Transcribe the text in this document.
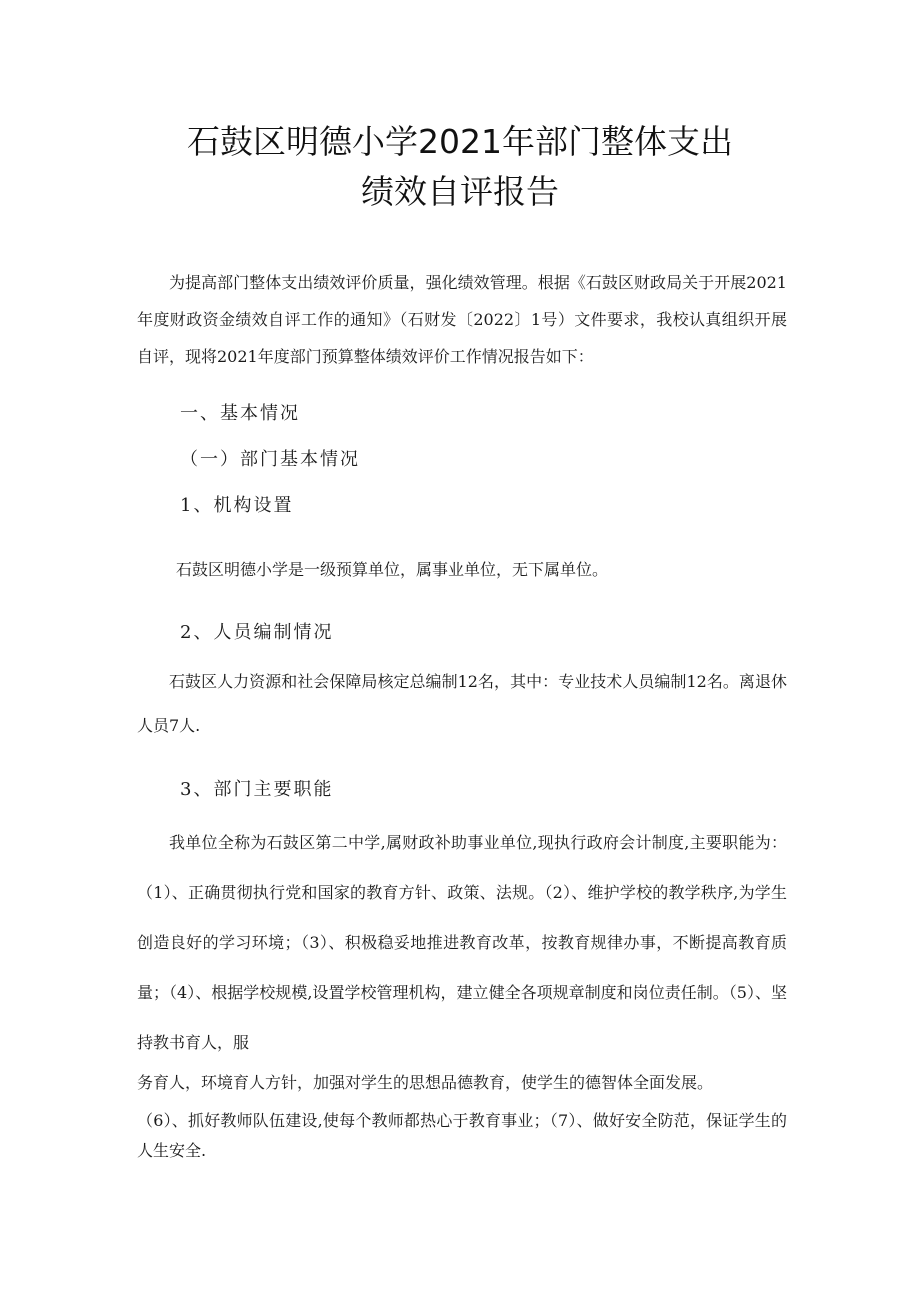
石鼓区明德小学2021年部门整体支出
绩效自评报告
为提高部门整体支出绩效评价质量，强化绩效管理。根据《石鼓区财政局关于开展2021年度财政资金绩效自评工作的通知》（石财发〔2022〕1号）文件要求，我校认真组织开展自评，现将2021年度部门预算整体绩效评价工作情况报告如下：
一、基本情况
（一）部门基本情况
1、机构设置
石鼓区明德小学是一级预算单位，属事业单位，无下属单位。
2、人员编制情况
石鼓区人力资源和社会保障局核定总编制12名，其中：专业技术人员编制12名。离退休人员7人.
3、部门主要职能
我单位全称为石鼓区第二中学,属财政补助事业单位,现执行政府会计制度,主要职能为：（1）、正确贯彻执行党和国家的教育方针、政策、法规。（2）、维护学校的教学秩序,为学生创造良好的学习环境；（3）、积极稳妥地推进教育改革，按教育规律办事，不断提高教育质量；（4）、根据学校规模,设置学校管理机构，建立健全各项规章制度和岗位责任制。（5）、坚持教书育人，服
务育人，环境育人方针，加强对学生的思想品德教育，使学生的德智体全面发展。
（6）、抓好教师队伍建设,使每个教师都热心于教育事业；（7）、做好安全防范，保证学生的人生安全.
